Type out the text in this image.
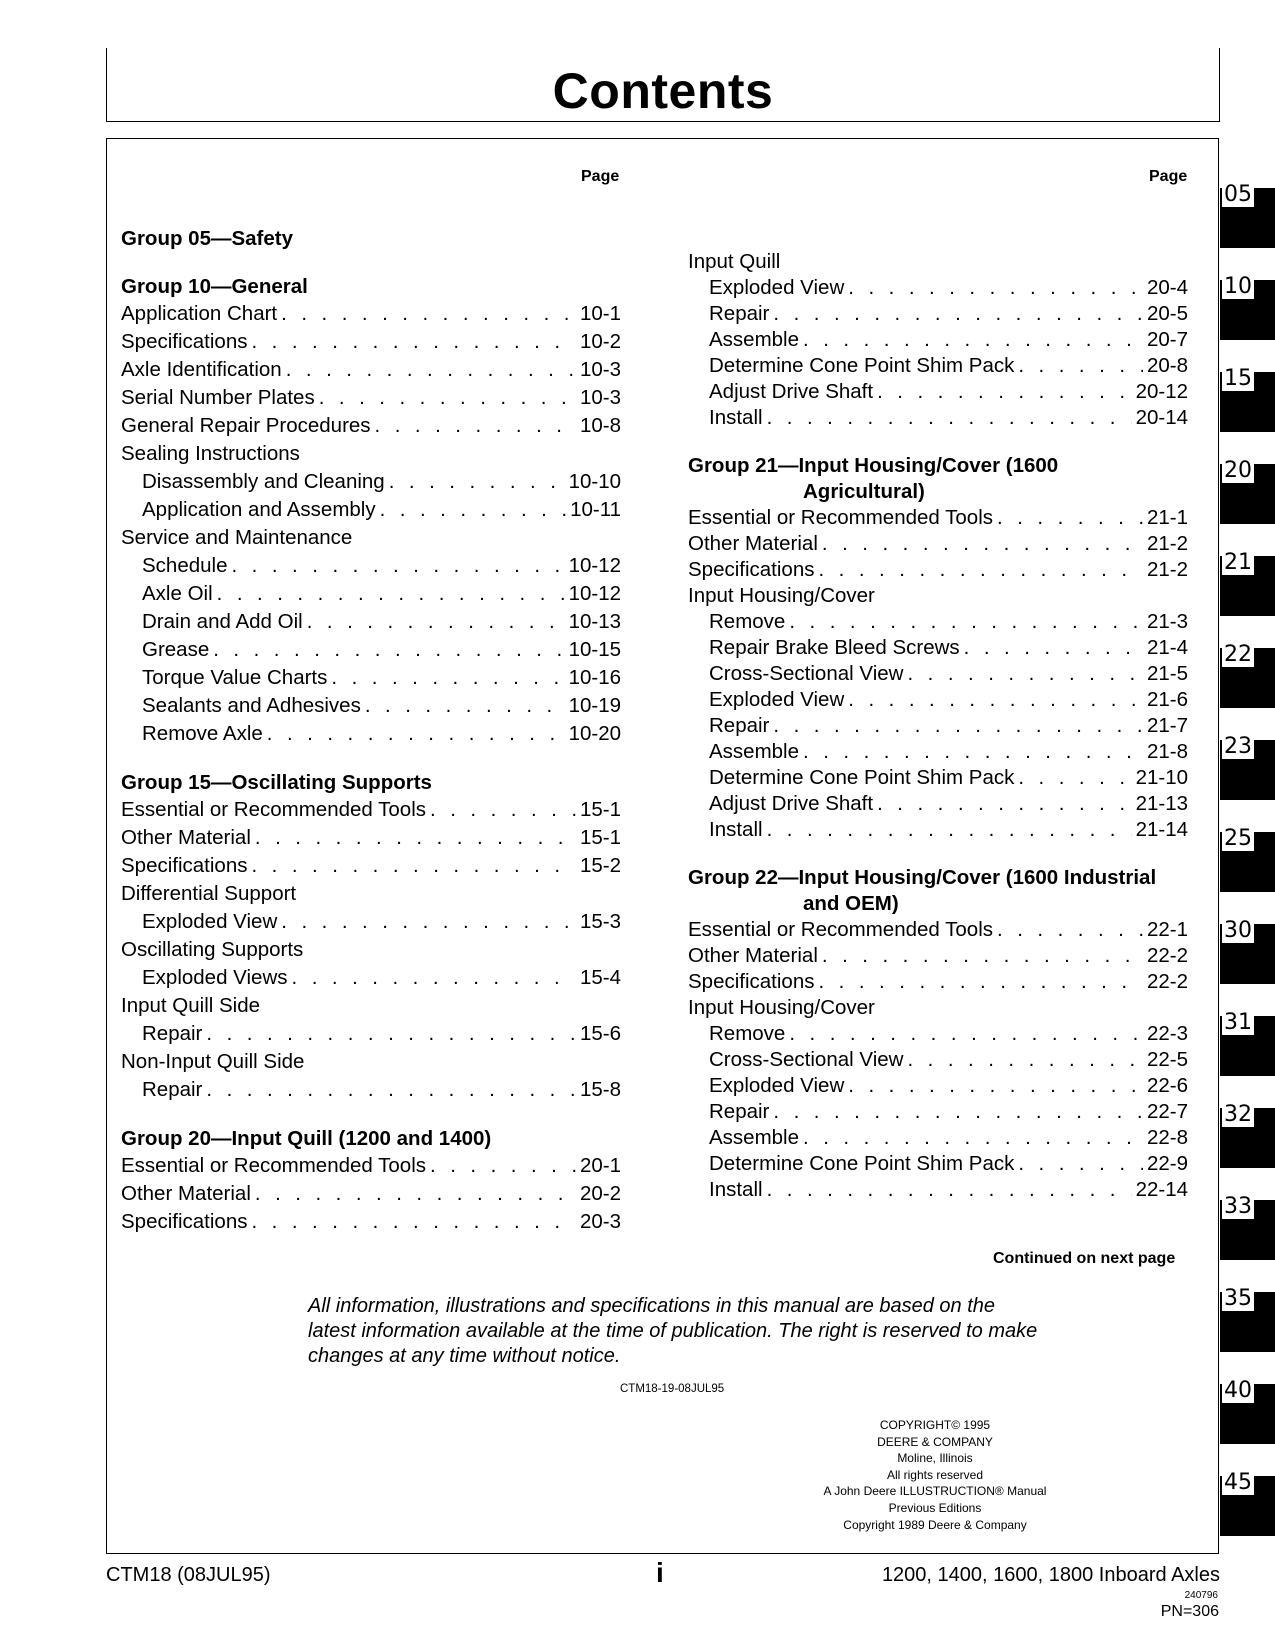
Contents
Page	Page
Group 05—Safety
Group 10—General
Application Chart . . .	10-1
Specifications . . .	10-2
Axle Identification . . .	10-3
Serial Number Plates . . .	10-3
General Repair Procedures . . .	10-8
Sealing Instructions
Disassembly and Cleaning . . .	10-10
Application and Assembly . . .	10-11
Service and Maintenance
Schedule . . .	10-12
Axle Oil . . .	10-12
Drain and Add Oil . . .	10-13
Grease . . .	10-15
Torque Value Charts . . .	10-16
Sealants and Adhesives . . .	10-19
Remove Axle . . .	10-20
Group 15—Oscillating Supports
Essential or Recommended Tools . . .	15-1
Other Material . . .	15-1
Specifications . . .	15-2
Differential Support
Exploded View . . .	15-3
Oscillating Supports
Exploded Views . . .	15-4
Input Quill Side
Repair . . .	15-6
Non-Input Quill Side
Repair . . .	15-8
Group 20—Input Quill (1200 and 1400)
Essential or Recommended Tools . . .	20-1
Other Material . . .	20-2
Specifications . . .	20-3
Input Quill
Exploded View . . .	20-4
Repair . . .	20-5
Assemble . . .	20-7
Determine Cone Point Shim Pack . . .	20-8
Adjust Drive Shaft . . .	20-12
Install . . .	20-14
Group 21—Input Housing/Cover (1600
Agricultural)
Essential or Recommended Tools . . .	21-1
Other Material . . .	21-2
Specifications . . .	21-2
Input Housing/Cover
Remove . . .	21-3
Repair Brake Bleed Screws . . .	21-4
Cross-Sectional View . . .	21-5
Exploded View . . .	21-6
Repair . . .	21-7
Assemble . . .	21-8
Determine Cone Point Shim Pack . . .	21-10
Adjust Drive Shaft . . .	21-13
Install . . .	21-14
Group 22—Input Housing/Cover (1600 Industrial
and OEM)
Essential or Recommended Tools . . .	22-1
Other Material . . .	22-2
Specifications . . .	22-2
Input Housing/Cover
Remove . . .	22-3
Cross-Sectional View . . .	22-5
Exploded View . . .	22-6
Repair . . .	22-7
Assemble . . .	22-8
Determine Cone Point Shim Pack . . .	22-9
Install . . .	22-14
05
10
15
20
21
22
23
25
30
31
32
33
35
40
45
Continued on next page
All information, illustrations and specifications in this manual are based on the latest information available at the time of publication. The right is reserved to make changes at any time without notice.
CTM18-19-08JUL95
COPYRIGHT© 1995
DEERE & COMPANY
Moline, Illinois
All rights reserved
A John Deere ILLUSTRUCTION® Manual
Previous Editions
Copyright 1989 Deere & Company
CTM18 (08JUL95)	i	1200, 1400, 1600, 1800 Inboard Axles
240796
PN=306
